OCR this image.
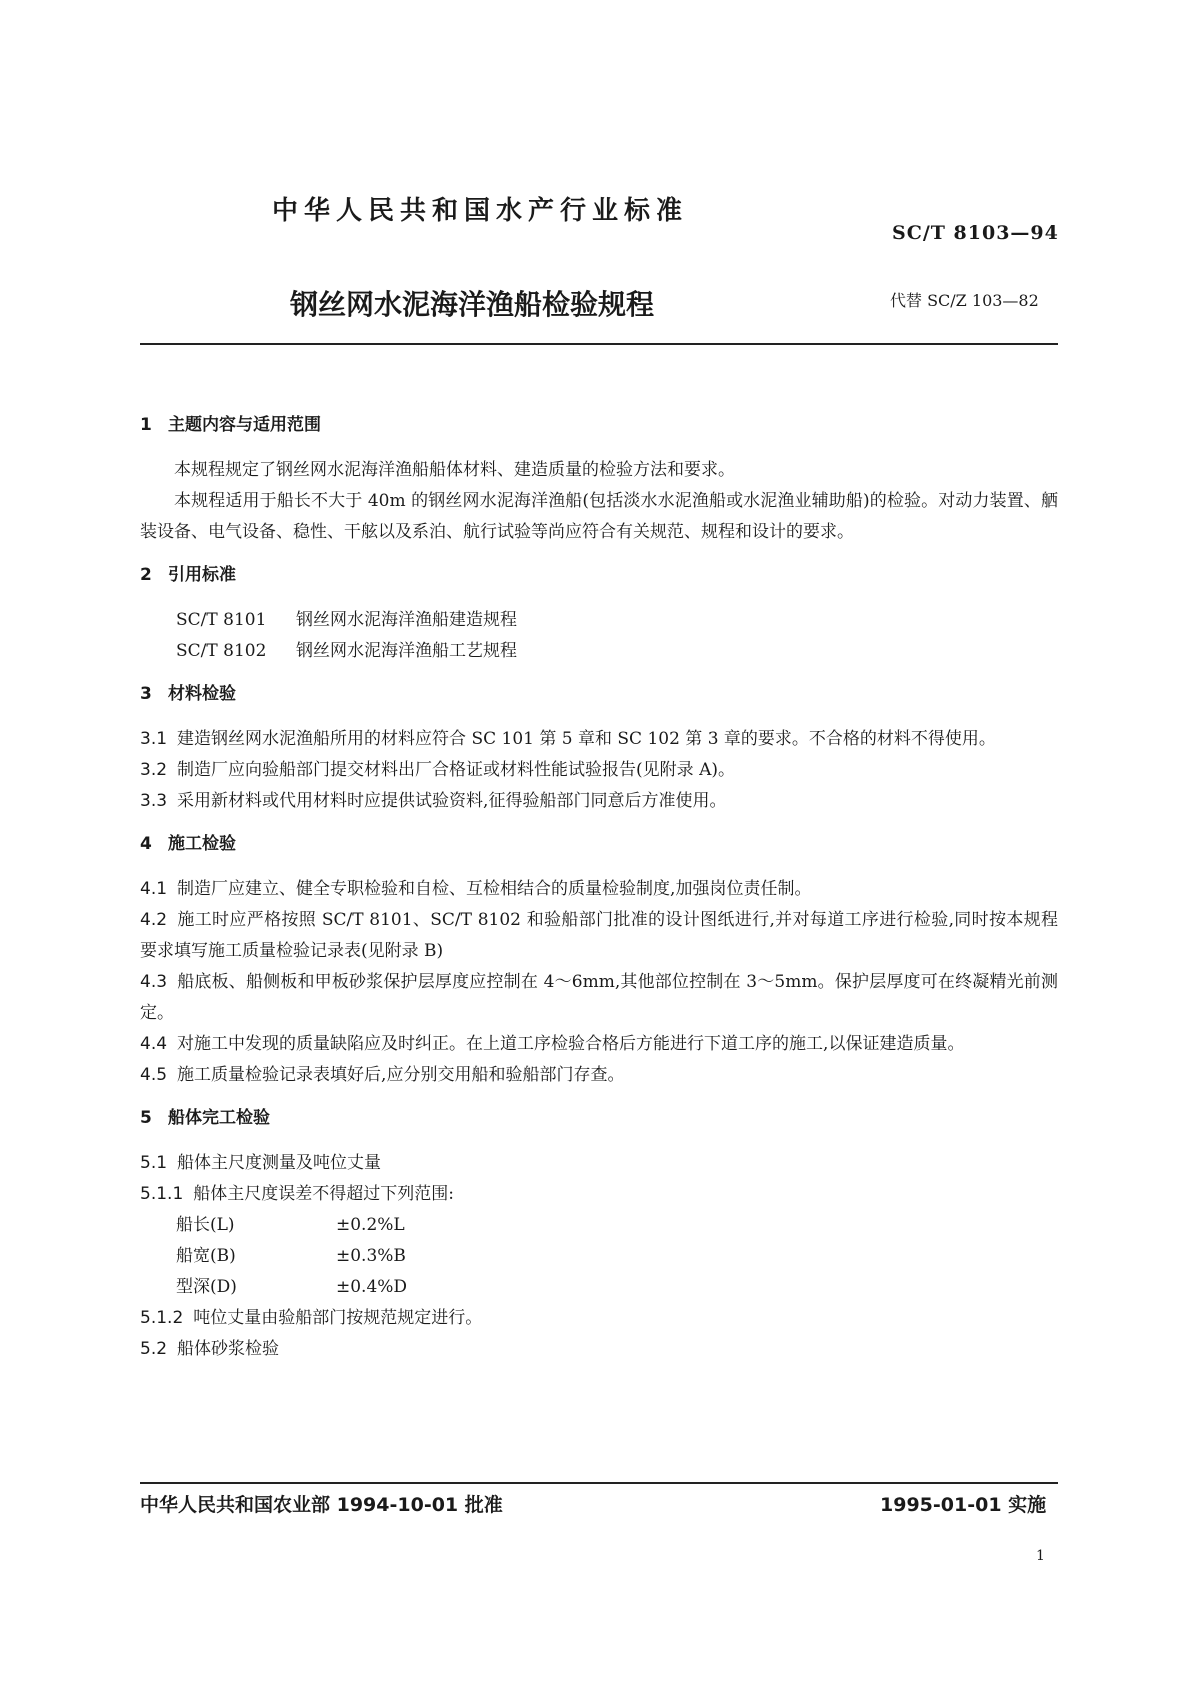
中华人民共和国水产行业标准
SC/T 8103—94
钢丝网水泥海洋渔船检验规程	代替 SC/Z 103—82
1 主题内容与适用范围

本规程规定了钢丝网水泥海洋渔船船体材料、建造质量的检验方法和要求。

本规程适用于船长不大于 40m 的钢丝网水泥海洋渔船(包括淡水水泥渔船或水泥渔业辅助船)的检验。对动力装置、舾装设备、电气设备、稳性、干舷以及系泊、航行试验等尚应符合有关规范、规程和设计的要求。

2 引用标准

SC/T 8101 钢丝网水泥海洋渔船建造规程

SC/T 8102 钢丝网水泥海洋渔船工艺规程

3 材料检验

3.1 建造钢丝网水泥渔船所用的材料应符合 SC 101 第 5 章和 SC 102 第 3 章的要求。不合格的材料不得使用。

3.2 制造厂应向验船部门提交材料出厂合格证或材料性能试验报告(见附录 A)。

3.3 采用新材料或代用材料时应提供试验资料,征得验船部门同意后方准使用。

4 施工检验

4.1 制造厂应建立、健全专职检验和自检、互检相结合的质量检验制度,加强岗位责任制。

4.2 施工时应严格按照 SC/T 8101、SC/T 8102 和验船部门批准的设计图纸进行,并对每道工序进行检验,同时按本规程要求填写施工质量检验记录表(见附录 B)

4.3 船底板、船侧板和甲板砂浆保护层厚度应控制在 4～6mm,其他部位控制在 3～5mm。保护层厚度可在终凝精光前测定。

4.4 对施工中发现的质量缺陷应及时纠正。在上道工序检验合格后方能进行下道工序的施工,以保证建造质量。

4.5 施工质量检验记录表填好后,应分别交用船和验船部门存查。

5 船体完工检验

5.1 船体主尺度测量及吨位丈量

5.1.1 船体主尺度误差不得超过下列范围:

船长(L)	±0.2%L

船宽(B)	±0.3%B

型深(D)	±0.4%D

5.1.2 吨位丈量由验船部门按规范规定进行。

5.2 船体砂浆检验

中华人民共和国农业部 1994-10-01 批准	1995-01-01 实施
1
